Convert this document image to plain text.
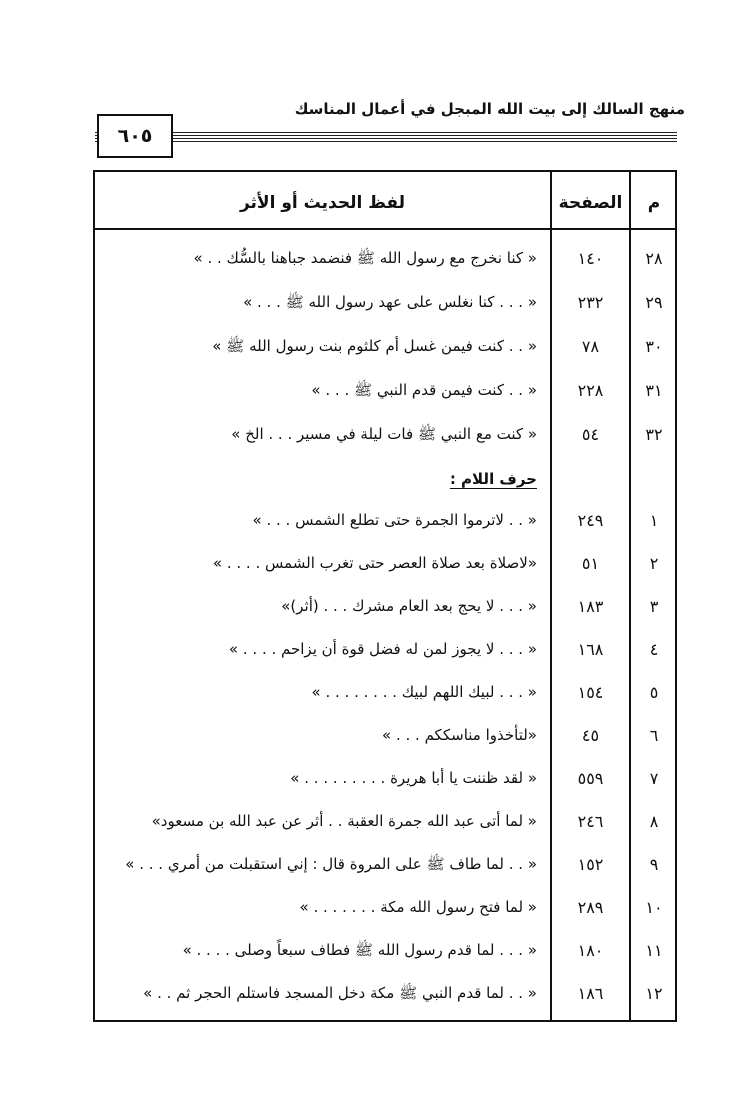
منهج السالك إلى بيت الله المبجل في أعمال المناسك
٦٠٥
لفظ الحديث أو الأثر	الصفحة	م
٢٨
١٤٠
« كنا نخرج مع رسول الله ﷺ فنضمد جباهنا بالسُّك . . »
٢٩
٢٣٢
« . . . كنا نغلس على عهد رسول الله ﷺ . . . »
٣٠
٧٨
« . . كنت فيمن غسل أم كلثوم بنت رسول الله ﷺ »
٣١
٢٢٨
« . . كنت فيمن قدم النبي ﷺ . . . »
٣٢
٥٤
« كنت مع النبي ﷺ فات ليلة في مسير . . . الخ »
حرف اللام :
١
٢٤٩
« . . لاترموا الجمرة حتى تطلع الشمس . . . »
٢
٥١
«لاصلاة بعد صلاة العصر حتى تغرب الشمس . . . . »
٣
١٨٣
« . . . لا يحج بعد العام مشرك . . . (أثر)»
٤
١٦٨
« . . . لا يجوز لمن له فضل قوة أن يزاحم . . . . »
٥
١٥٤
« . . . لبيك اللهم لبيك . . . . . . . . »
٦
٤٥
«لتأخذوا مناسككم . . . »
٧
٥٥٩
« لقد ظننت يا أبا هريرة . . . . . . . . . »
٨
٢٤٦
« لما أتى عبد الله جمرة العقبة . . أثر عن عبد الله بن مسعود»
٩
١٥٢
« . . لما طاف ﷺ على المروة قال : إني استقبلت من أمري . . . »
١٠
٢٨٩
« لما فتح رسول الله مكة . . . . . . . »
١١
١٨٠
« . . . لما قدم رسول الله ﷺ فطاف سبعاً وصلى . . . . »
١٢
١٨٦
« . . لما قدم النبي ﷺ مكة دخل المسجد فاستلم الحجر ثم . . »
